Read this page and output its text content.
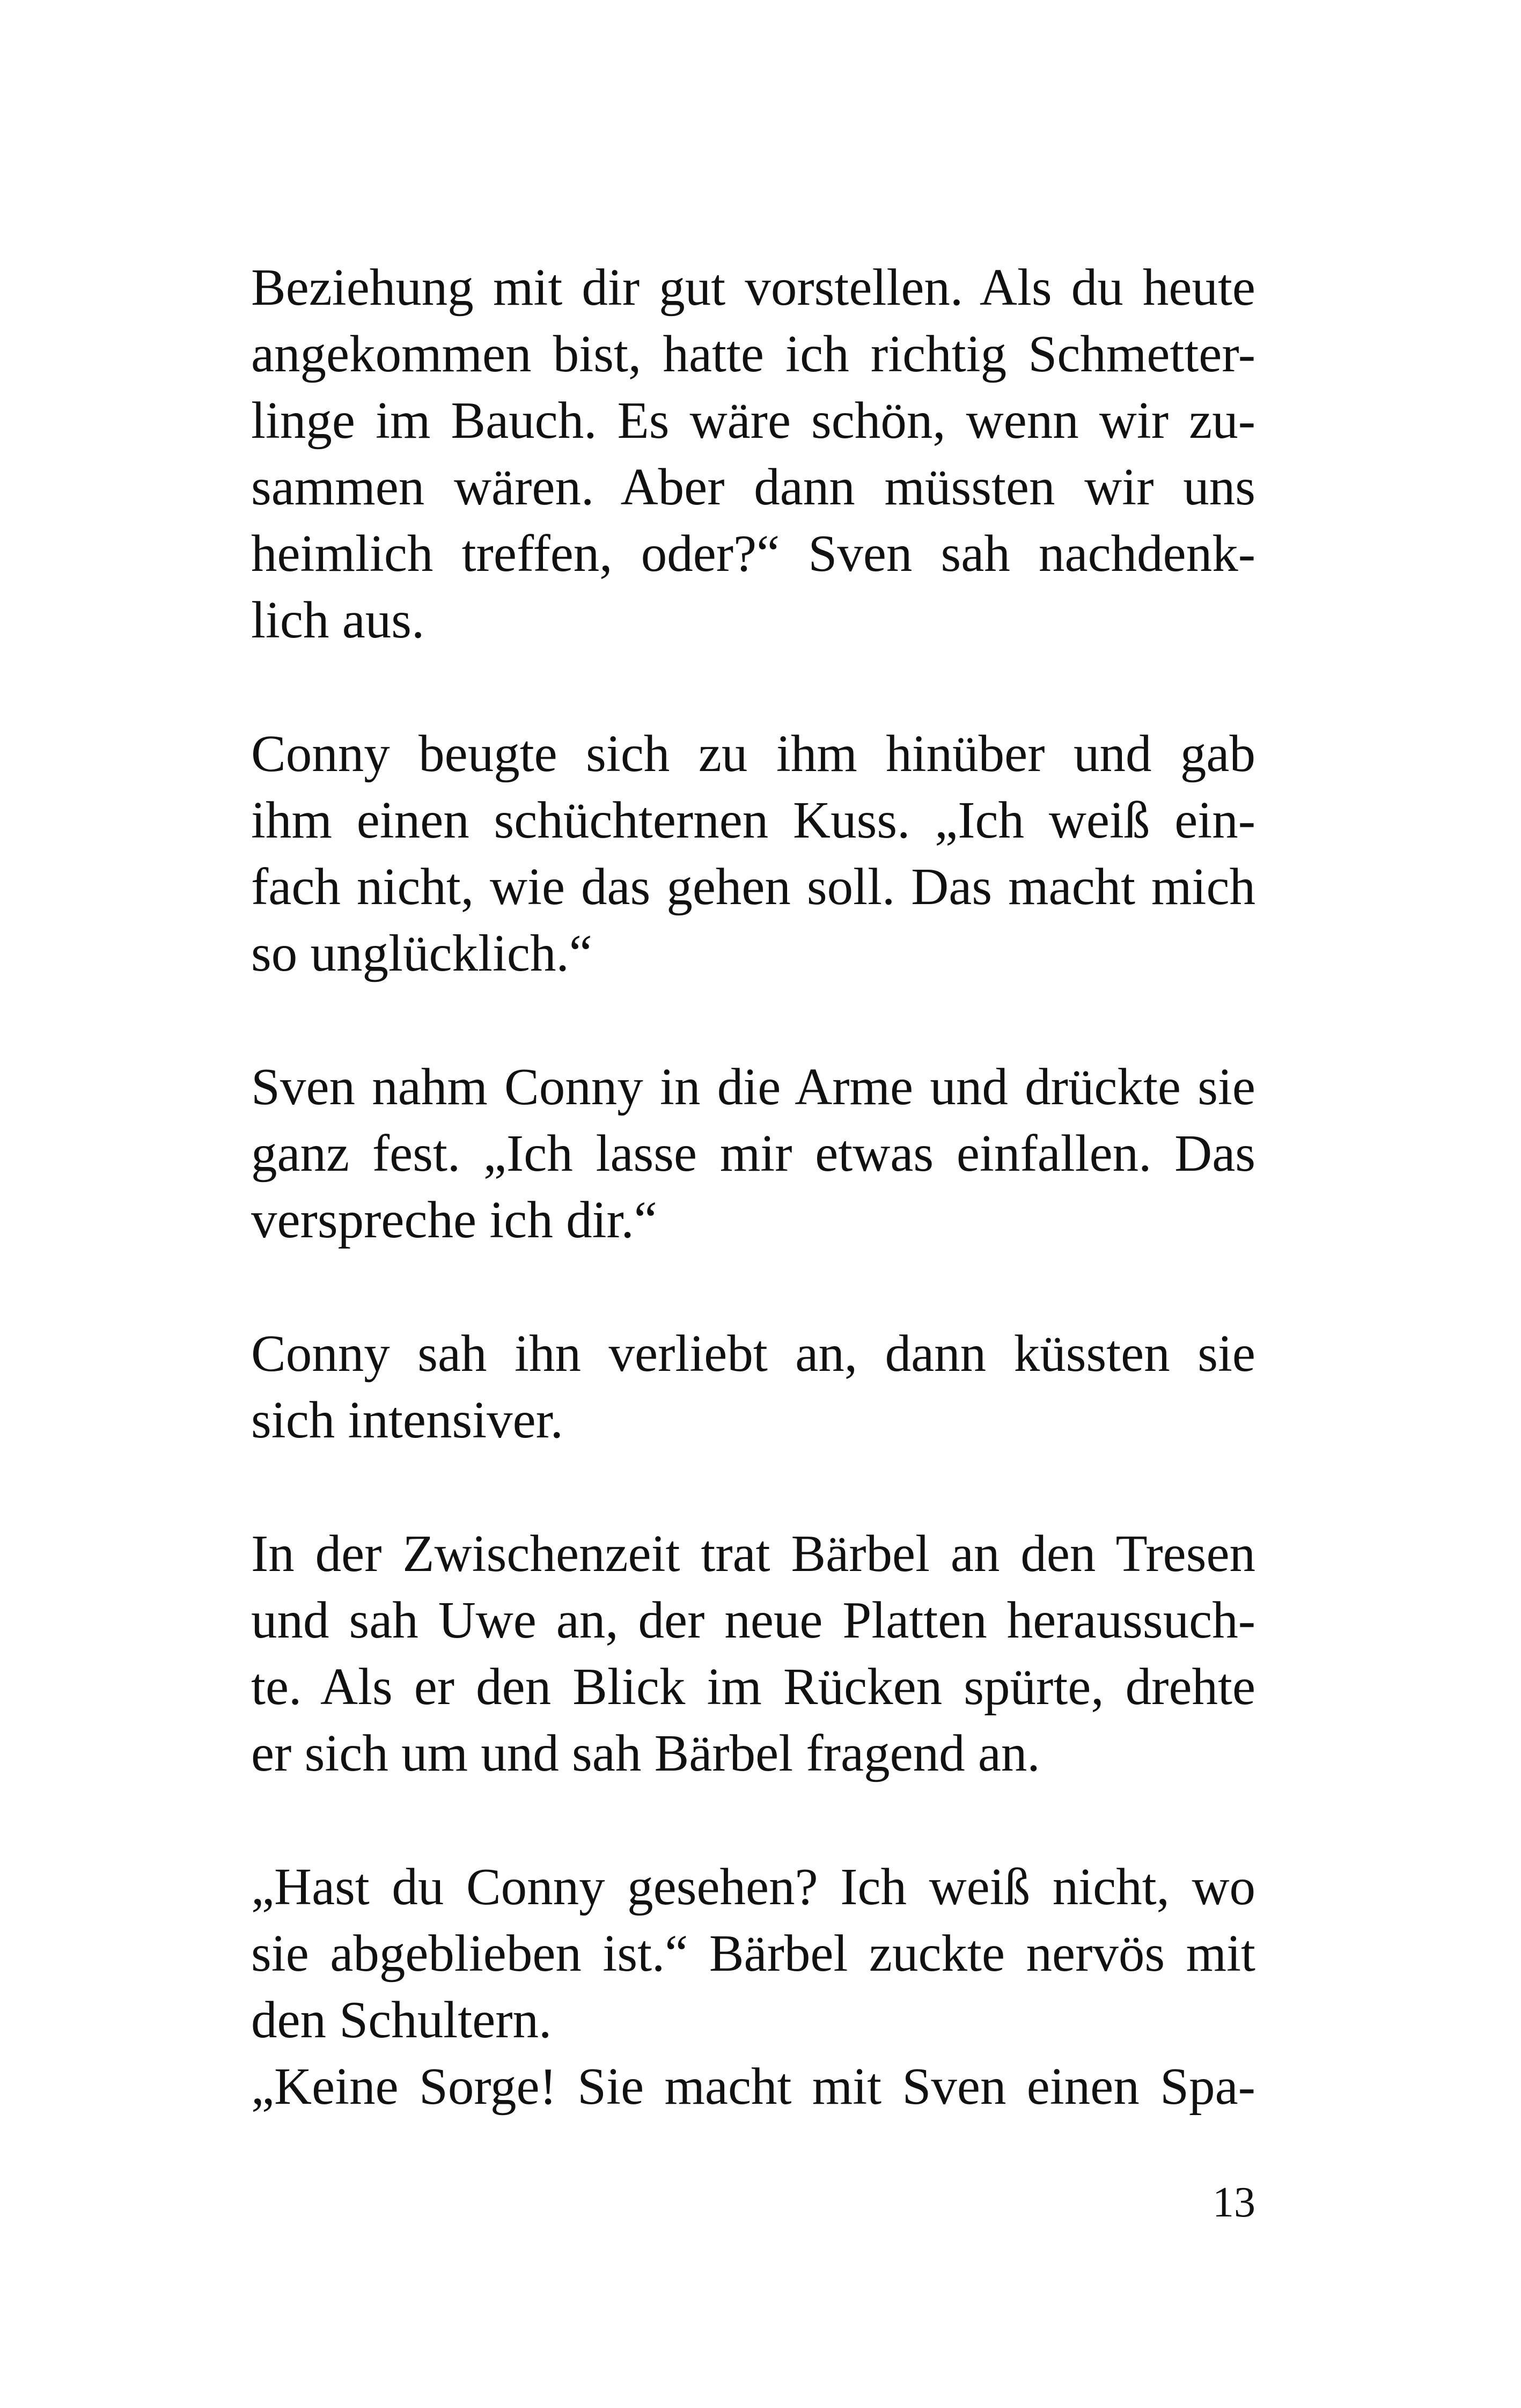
Beziehung mit dir gut vorstellen. Als du heute
angekommen bist, hatte ich richtig Schmetter-
linge im Bauch. Es wäre schön, wenn wir zu-
sammen wären. Aber dann müssten wir uns
heimlich treffen, oder?“ Sven sah nachdenk-
lich aus.
Conny beugte sich zu ihm hinüber und gab
ihm einen schüchternen Kuss. „Ich weiß ein-
fach nicht, wie das gehen soll. Das macht mich
so unglücklich.“
Sven nahm Conny in die Arme und drückte sie
ganz fest. „Ich lasse mir etwas einfallen. Das
verspreche ich dir.“
Conny sah ihn verliebt an, dann küssten sie
sich intensiver.
In der Zwischenzeit trat Bärbel an den Tresen
und sah Uwe an, der neue Platten heraussuch-
te. Als er den Blick im Rücken spürte, drehte
er sich um und sah Bärbel fragend an.
„Hast du Conny gesehen? Ich weiß nicht, wo
sie abgeblieben ist.“ Bärbel zuckte nervös mit
den Schultern.
„Keine Sorge! Sie macht mit Sven einen Spa-
13
